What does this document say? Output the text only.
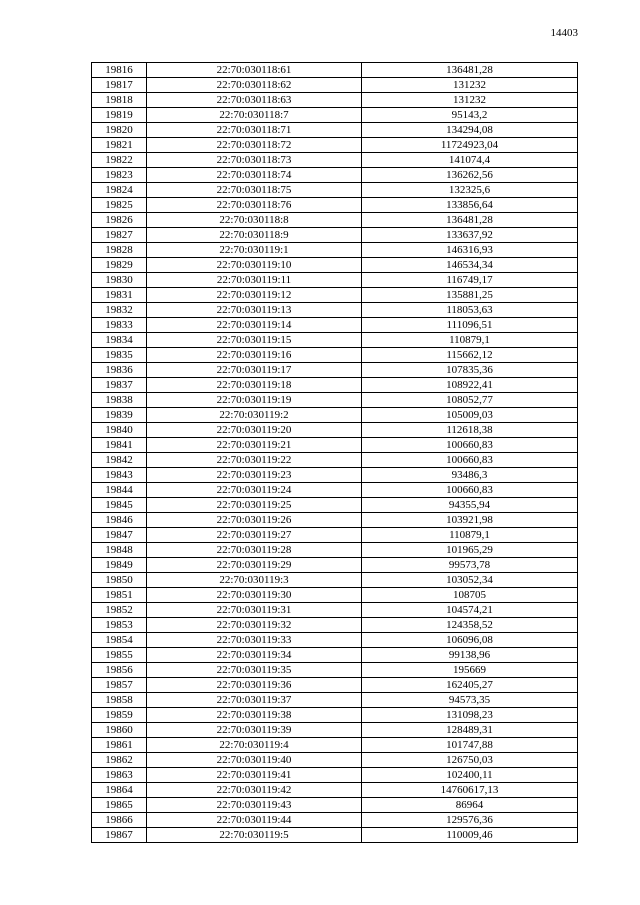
14403
19816	22:70:030118:61	136481,28
19817	22:70:030118:62	131232
19818	22:70:030118:63	131232
19819	22:70:030118:7	95143,2
19820	22:70:030118:71	134294,08
19821	22:70:030118:72	11724923,04
19822	22:70:030118:73	141074,4
19823	22:70:030118:74	136262,56
19824	22:70:030118:75	132325,6
19825	22:70:030118:76	133856,64
19826	22:70:030118:8	136481,28
19827	22:70:030118:9	133637,92
19828	22:70:030119:1	146316,93
19829	22:70:030119:10	146534,34
19830	22:70:030119:11	116749,17
19831	22:70:030119:12	135881,25
19832	22:70:030119:13	118053,63
19833	22:70:030119:14	111096,51
19834	22:70:030119:15	110879,1
19835	22:70:030119:16	115662,12
19836	22:70:030119:17	107835,36
19837	22:70:030119:18	108922,41
19838	22:70:030119:19	108052,77
19839	22:70:030119:2	105009,03
19840	22:70:030119:20	112618,38
19841	22:70:030119:21	100660,83
19842	22:70:030119:22	100660,83
19843	22:70:030119:23	93486,3
19844	22:70:030119:24	100660,83
19845	22:70:030119:25	94355,94
19846	22:70:030119:26	103921,98
19847	22:70:030119:27	110879,1
19848	22:70:030119:28	101965,29
19849	22:70:030119:29	99573,78
19850	22:70:030119:3	103052,34
19851	22:70:030119:30	108705
19852	22:70:030119:31	104574,21
19853	22:70:030119:32	124358,52
19854	22:70:030119:33	106096,08
19855	22:70:030119:34	99138,96
19856	22:70:030119:35	195669
19857	22:70:030119:36	162405,27
19858	22:70:030119:37	94573,35
19859	22:70:030119:38	131098,23
19860	22:70:030119:39	128489,31
19861	22:70:030119:4	101747,88
19862	22:70:030119:40	126750,03
19863	22:70:030119:41	102400,11
19864	22:70:030119:42	14760617,13
19865	22:70:030119:43	86964
19866	22:70:030119:44	129576,36
19867	22:70:030119:5	110009,46
